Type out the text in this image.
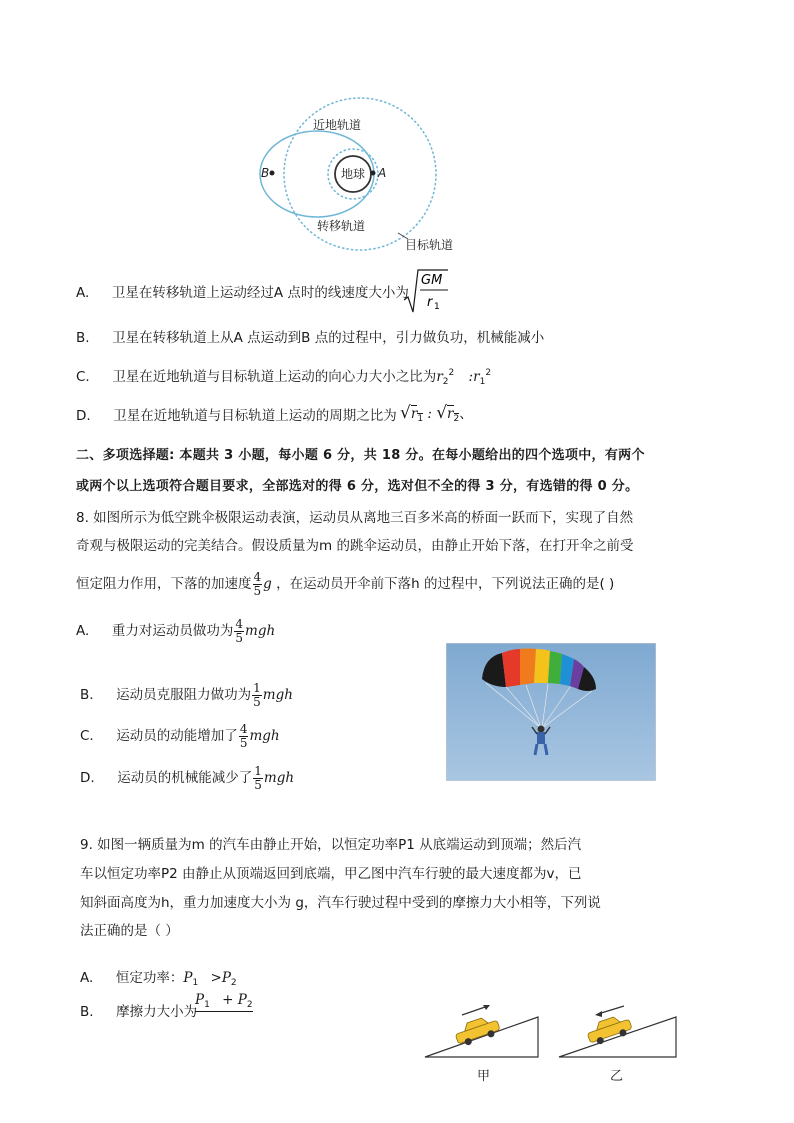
地球
近地轨道
B	A
转移轨道
目标轨道
A. 卫星在转移轨道上运动经过A 点时的线速度大小为
GM
r 1
B. 卫星在转移轨道上从A 点运动到B 点的过程中，引力做负功，机械能减小
C. 卫星在近地轨道与目标轨道上运动的向心力大小之比为$r_2^2$ $:r_1^2$
D. 卫星在近地轨道与目标轨道上运动的周期之比为 $√r_1$ : $√r_2$、
二、多项选择题: 本题共 3 小题，每小题 6 分，共 18 分。在每小题给出的四个选项中，有两个
或两个以上选项符合题目要求，全部选对的得 6 分，选对但不全的得 3 分，有选错的得 0 分。
8. 如图所示为低空跳伞极限运动表演，运动员从离地三百多米高的桥面一跃而下，实现了自然
奇观与极限运动的完美结合。假设质量为m 的跳伞运动员，由静止开始下落，在打开伞之前受
恒定阻力作用，下落的加速度 $\frac{4}{5}$ g ，在运动员开伞前下落h 的过程中，下列说法正确的是( )
A. 重力对运动员做功为 $\frac{4}{5}$ mgh
B. 运动员克服阻力做功为 $\frac{1}{5}$ mgh
C. 运动员的动能增加了 $\frac{4}{5}$ mgh
D. 运动员的机械能减少了 $\frac{1}{5}$ mgh
9. 如图一辆质量为m 的汽车由静止开始，以恒定功率P1 从底端运动到顶端；然后汽
车以恒定功率P2 由静止从顶端返回到底端，甲乙图中汽车行驶的最大速度都为v，已
知斜面高度为h，重力加速度大小为 g，汽车行驶过程中受到的摩擦力大小相等，下列说
法正确的是（ ）
A. 恒定功率：$P_1 >P_2$
B. 摩擦力大小为
$P_1 + P_2$
甲	乙
